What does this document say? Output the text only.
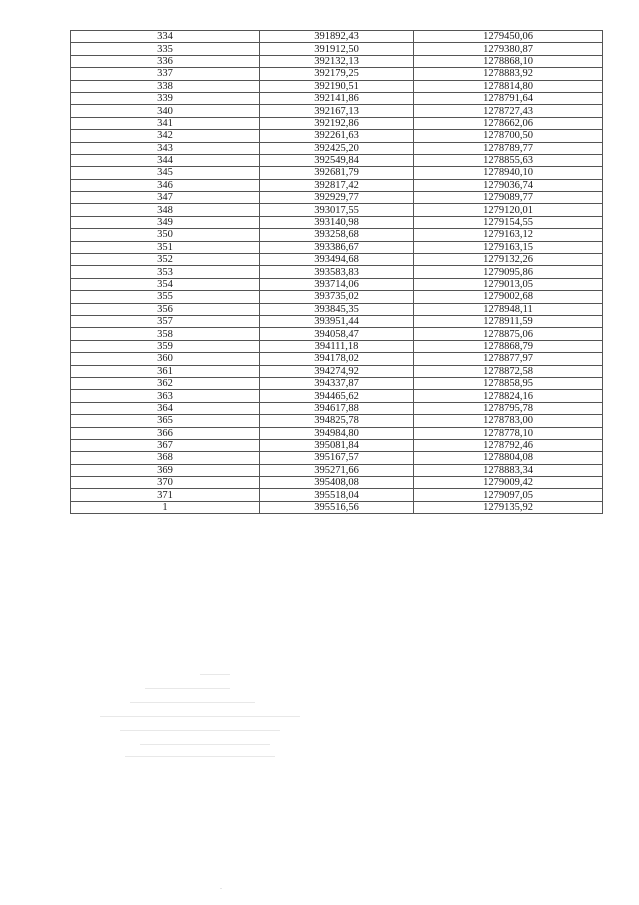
334	391892,43	1279450,06
335	391912,50	1279380,87
336	392132,13	1278868,10
337	392179,25	1278883,92
338	392190,51	1278814,80
339	392141,86	1278791,64
340	392167,13	1278727,43
341	392192,86	1278662,06
342	392261,63	1278700,50
343	392425,20	1278789,77
344	392549,84	1278855,63
345	392681,79	1278940,10
346	392817,42	1279036,74
347	392929,77	1279089,77
348	393017,55	1279120,01
349	393140,98	1279154,55
350	393258,68	1279163,12
351	393386,67	1279163,15
352	393494,68	1279132,26
353	393583,83	1279095,86
354	393714,06	1279013,05
355	393735,02	1279002,68
356	393845,35	1278948,11
357	393951,44	1278911,59
358	394058,47	1278875,06
359	394111,18	1278868,79
360	394178,02	1278877,97
361	394274,92	1278872,58
362	394337,87	1278858,95
363	394465,62	1278824,16
364	394617,88	1278795,78
365	394825,78	1278783,00
366	394984,80	1278778,10
367	395081,84	1278792,46
368	395167,57	1278804,08
369	395271,66	1278883,34
370	395408,08	1279009,42
371	395518,04	1279097,05
1	395516,56	1279135,92
